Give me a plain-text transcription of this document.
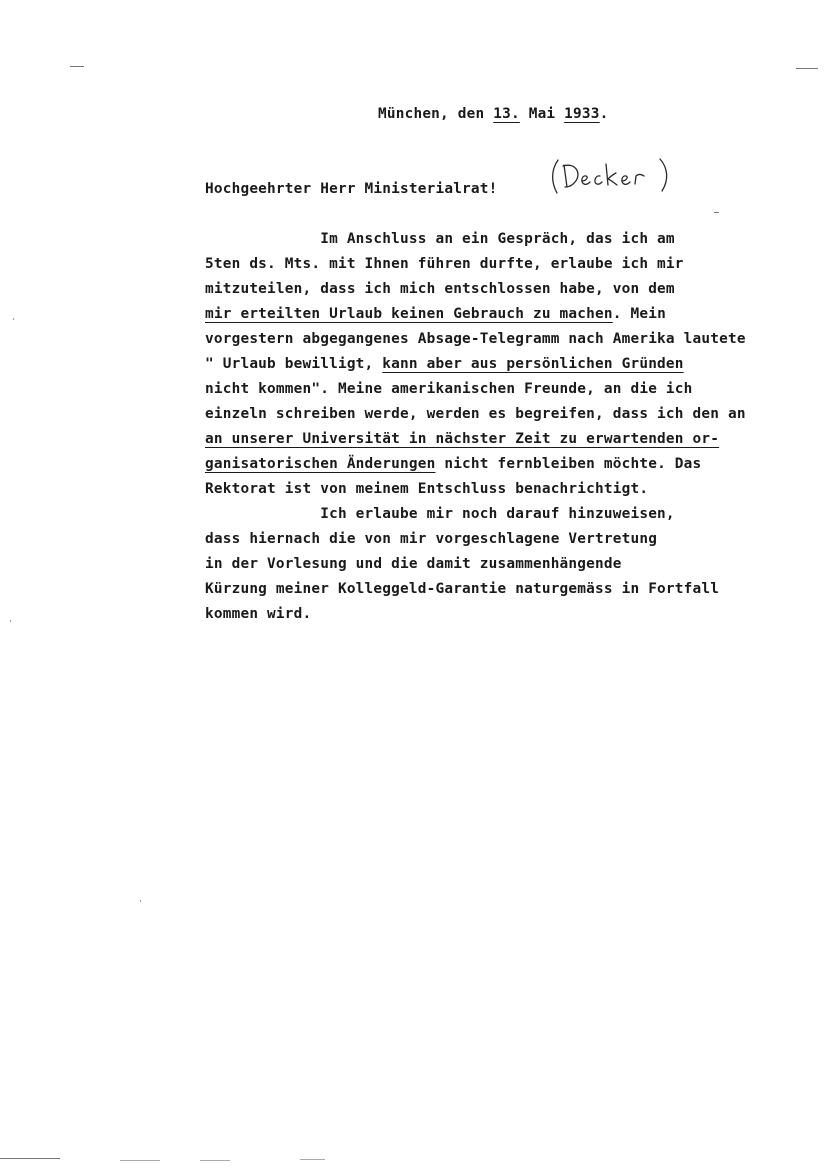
München, den 13. Mai 1933.
Hochgeehrter Herr Ministerialrat!
Im Anschluss an ein Gespräch, das ich am
5ten ds. Mts. mit Ihnen führen durfte, erlaube ich mir
mitzuteilen, dass ich mich entschlossen habe, von dem
mir erteilten Urlaub keinen Gebrauch zu machen. Mein
vorgestern abgegangenes Absage-Telegramm nach Amerika lautete
" Urlaub bewilligt, kann aber aus persönlichen Gründen
nicht kommen". Meine amerikanischen Freunde, an die ich
einzeln schreiben werde, werden es begreifen, dass ich den an
an unserer Universität in nächster Zeit zu erwartenden or-
ganisatorischen Änderungen nicht fernbleiben möchte. Das
Rektorat ist von meinem Entschluss benachrichtigt.
Ich erlaube mir noch darauf hinzuweisen,
dass hiernach die von mir vorgeschlagene Vertretung
in der Vorlesung und die damit zusammenhängende
Kürzung meiner Kolleggeld-Garantie naturgemäss in Fortfall
kommen wird.
